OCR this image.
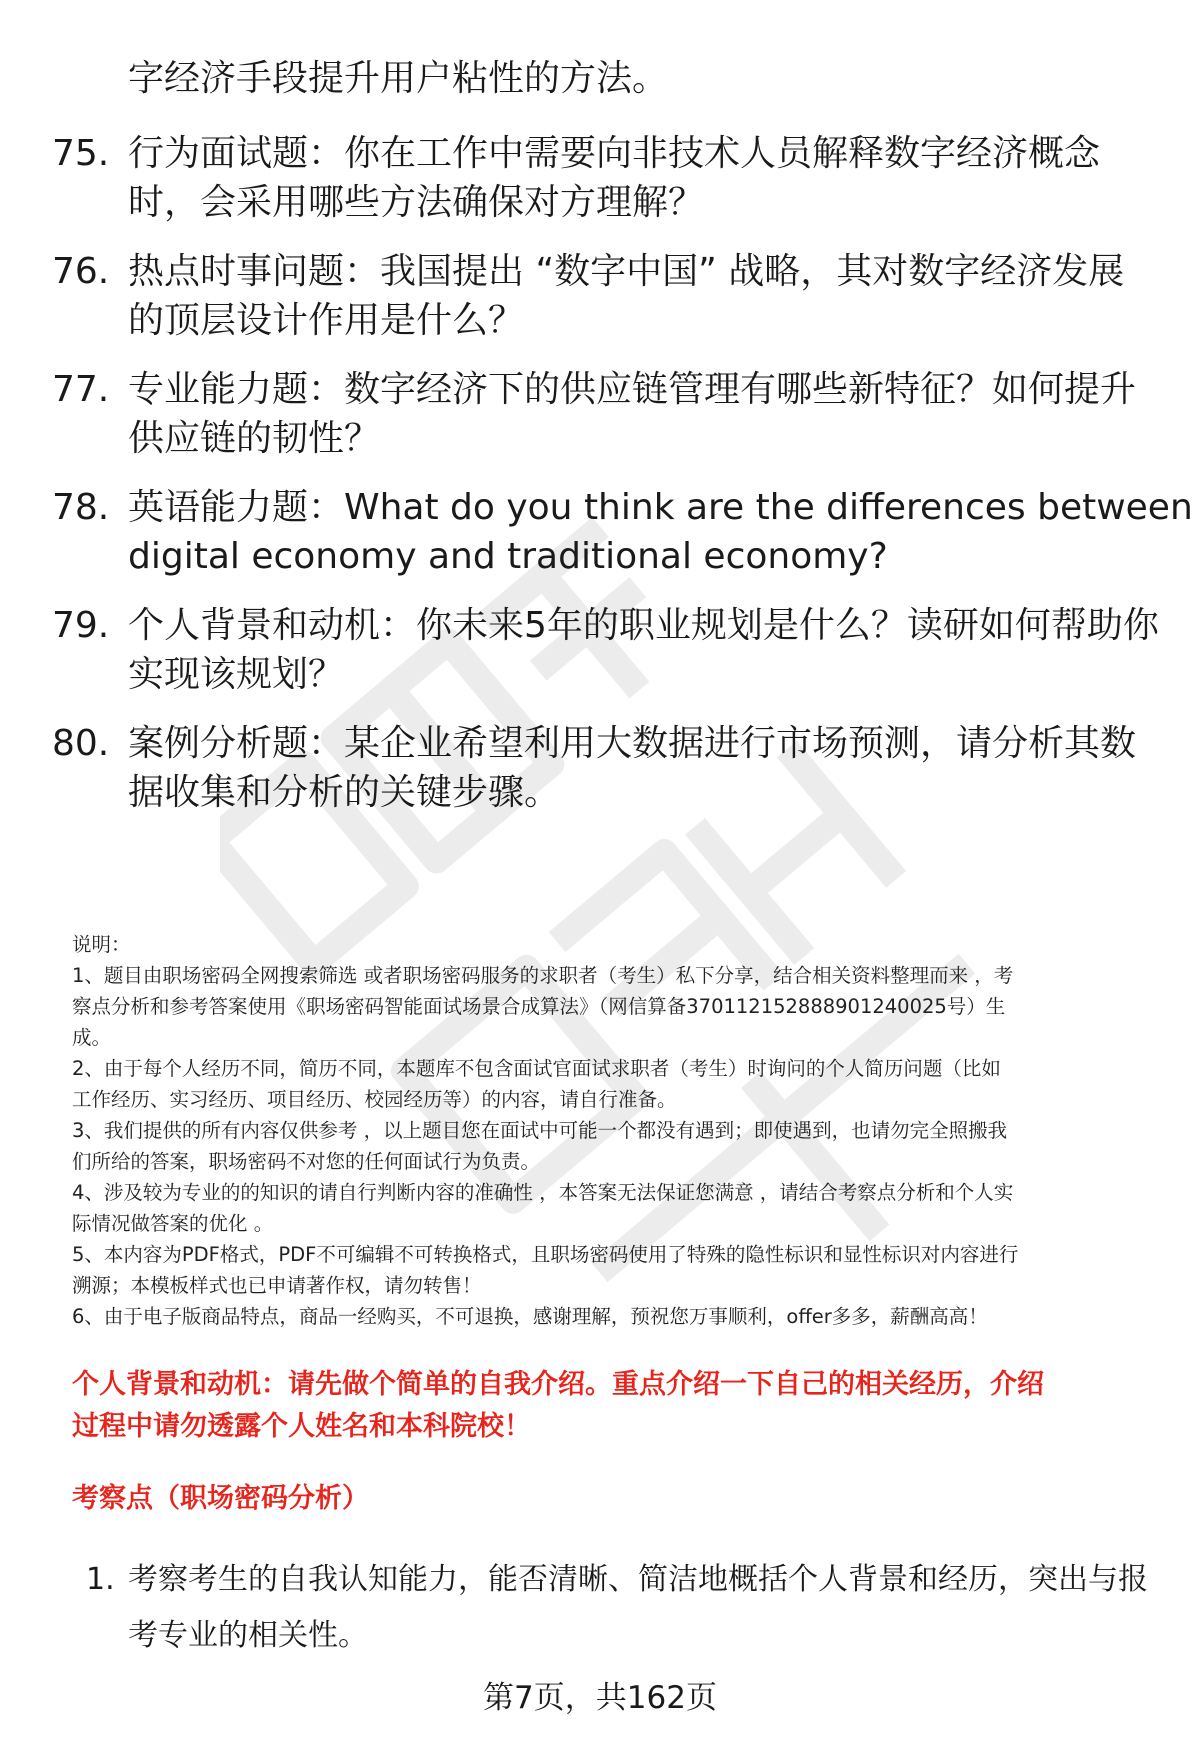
字经济手段提升用户粘性的方法。
75. 行为面试题：你在工作中需要向非技术人员解释数字经济概念
时，会采用哪些方法确保对方理解？
76. 热点时事问题：我国提出 “数字中国” 战略，其对数字经济发展
的顶层设计作用是什么？
77. 专业能力题：数字经济下的供应链管理有哪些新特征？如何提升
供应链的韧性？
78. 英语能力题：What do you think are the differences between
digital economy and traditional economy?
79. 个人背景和动机：你未来5年的职业规划是什么？读研如何帮助你
实现该规划？
80. 案例分析题：某企业希望利用大数据进行市场预测，请分析其数
据收集和分析的关键步骤。
说明：
1、题目由职场密码全网搜索筛选 或者职场密码服务的求职者（考生）私下分享，结合相关资料整理而来 ，考
察点分析和参考答案使用《职场密码智能面试场景合成算法》（网信算备370112152888901240025号）生
成。
2、由于每个人经历不同，简历不同，本题库不包含面试官面试求职者（考生）时询问的个人简历问题（比如
工作经历、实习经历、项目经历、校园经历等）的内容，请自行准备。
3、我们提供的所有内容仅供参考 ，以上题目您在面试中可能一个都没有遇到；即使遇到，也请勿完全照搬我
们所给的答案，职场密码不对您的任何面试行为负责。
4、涉及较为专业的的知识的请自行判断内容的准确性 ，本答案无法保证您满意 ，请结合考察点分析和个人实
际情况做答案的优化 。
5、本内容为PDF格式，PDF不可编辑不可转换格式，且职场密码使用了特殊的隐性标识和显性标识对内容进行
溯源；本模板样式也已申请著作权，请勿转售！
6、由于电子版商品特点，商品一经购买，不可退换，感谢理解，预祝您万事顺利，offer多多，薪酬高高！
个人背景和动机：请先做个简单的自我介绍。重点介绍一下自己的相关经历，介绍
过程中请勿透露个人姓名和本科院校！
考察点（职场密码分析）
1. 考察考生的自我认知能力，能否清晰、简洁地概括个人背景和经历，突出与报
考专业的相关性。
第7页，共162页
